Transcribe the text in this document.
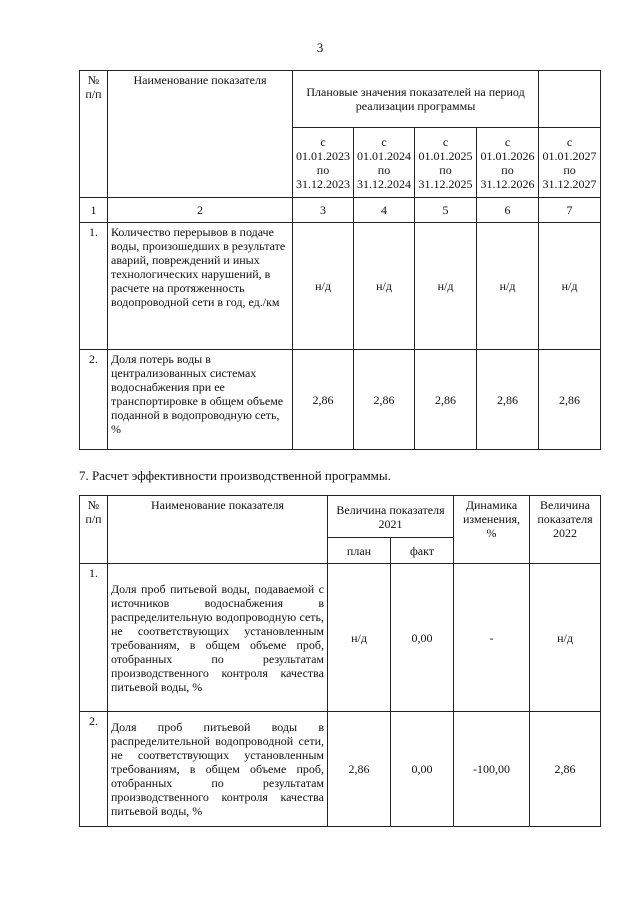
3
№ п/п	Наименование показателя	Плановые значения показателей на период реализации программы				
		с 01.01.2023 по 31.12.2023	с 01.01.2024 по 31.12.2024	с 01.01.2025 по 31.12.2025	с 01.01.2026 по 31.12.2026	с 01.01.2027 по 31.12.2027
1	2	3	4	5	6	7
1.	Количество перерывов в подаче воды, произошедших в результате аварий, повреждений и иных технологических нарушений, в расчете на протяженность водопроводной сети в год, ед./км	н/д	н/д	н/д	н/д	н/д
2.	Доля потерь воды в централизованных системах водоснабжения при ее транспортировке в общем объеме поданной в водопроводную сеть, %	2,86	2,86	2,86	2,86	2,86
7. Расчет эффективности производственной программы.
№ п/п	Наименование показателя	Величина показателя 2021		Динамика изменения, %	Величина показателя 2022
		план	факт		
1.	Доля проб питьевой воды, подаваемой с источников водоснабжения в распределительную водопроводную сеть, не соответствующих установленным требованиям, в общем объеме проб, отобранных по результатам производственного контроля качества питьевой воды, %	н/д	0,00	-	н/д
2.	Доля проб питьевой воды в распределительной водопроводной сети, не соответствующих установленным требованиям, в общем объеме проб, отобранных по результатам производственного контроля качества питьевой воды, %	2,86	0,00	-100,00	2,86
